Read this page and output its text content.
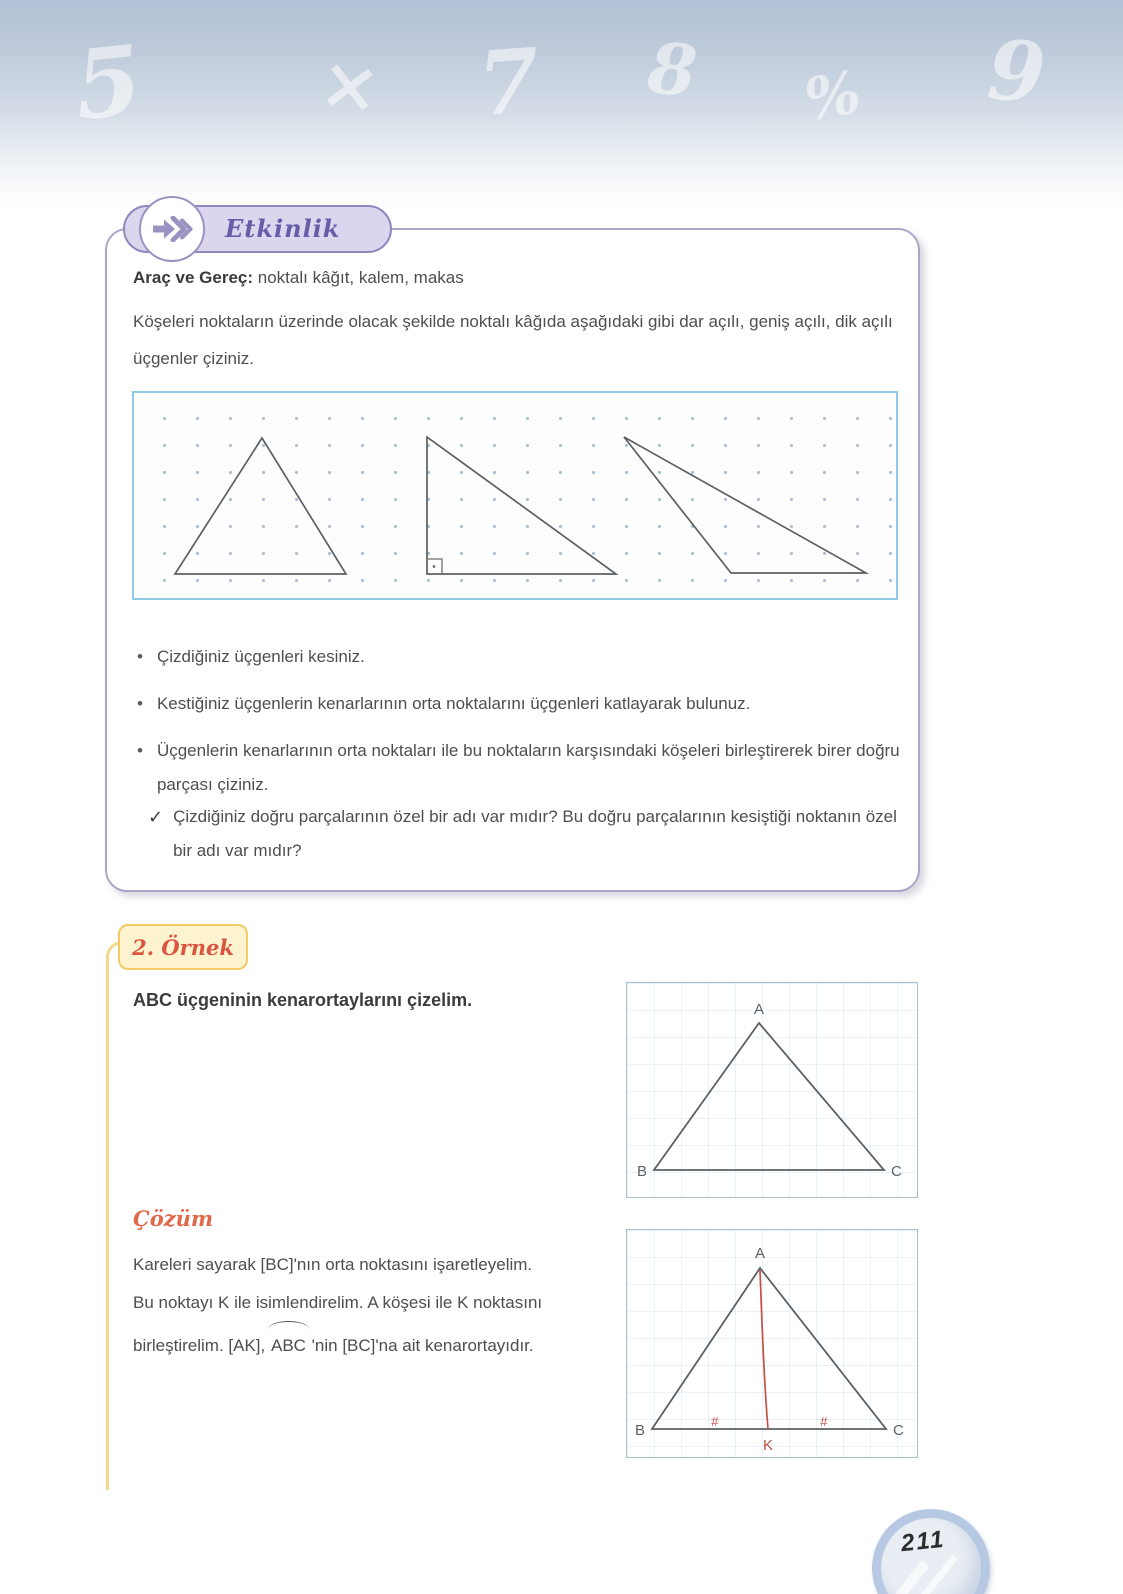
5 × 7 8 % 9
Etkinlik
Araç ve Gereç: noktalı kâğıt, kalem, makas
Köşeleri noktaların üzerinde olacak şekilde noktalı kâğıda aşağıdaki gibi dar açılı, geniş açılı, dik açılı üçgenler çiziniz.
• Çizdiğiniz üçgenleri kesiniz.
• Kestiğiniz üçgenlerin kenarlarının orta noktalarını üçgenleri katlayarak bulunuz.
• Üçgenlerin kenarlarının orta noktaları ile bu noktaların karşısındaki köşeleri birleştirerek birer doğru parçası çiziniz.
✓ Çizdiğiniz doğru parçalarının özel bir adı var mıdır? Bu doğru parçalarının kesiştiği noktanın özel bir adı var mıdır?
2. Örnek
ABC üçgeninin kenarortaylarını çizelim.	A
B	C
Çözüm
Kareleri sayarak [BC]'nın orta noktasını işaretleyelim.
Bu noktayı K ile isimlendirelim. A köşesi ile K noktasını
birleştirelim. [AK], ABC 'nin [BC]'na ait kenarortayıdır.
A
B	C
K
#	#
211
